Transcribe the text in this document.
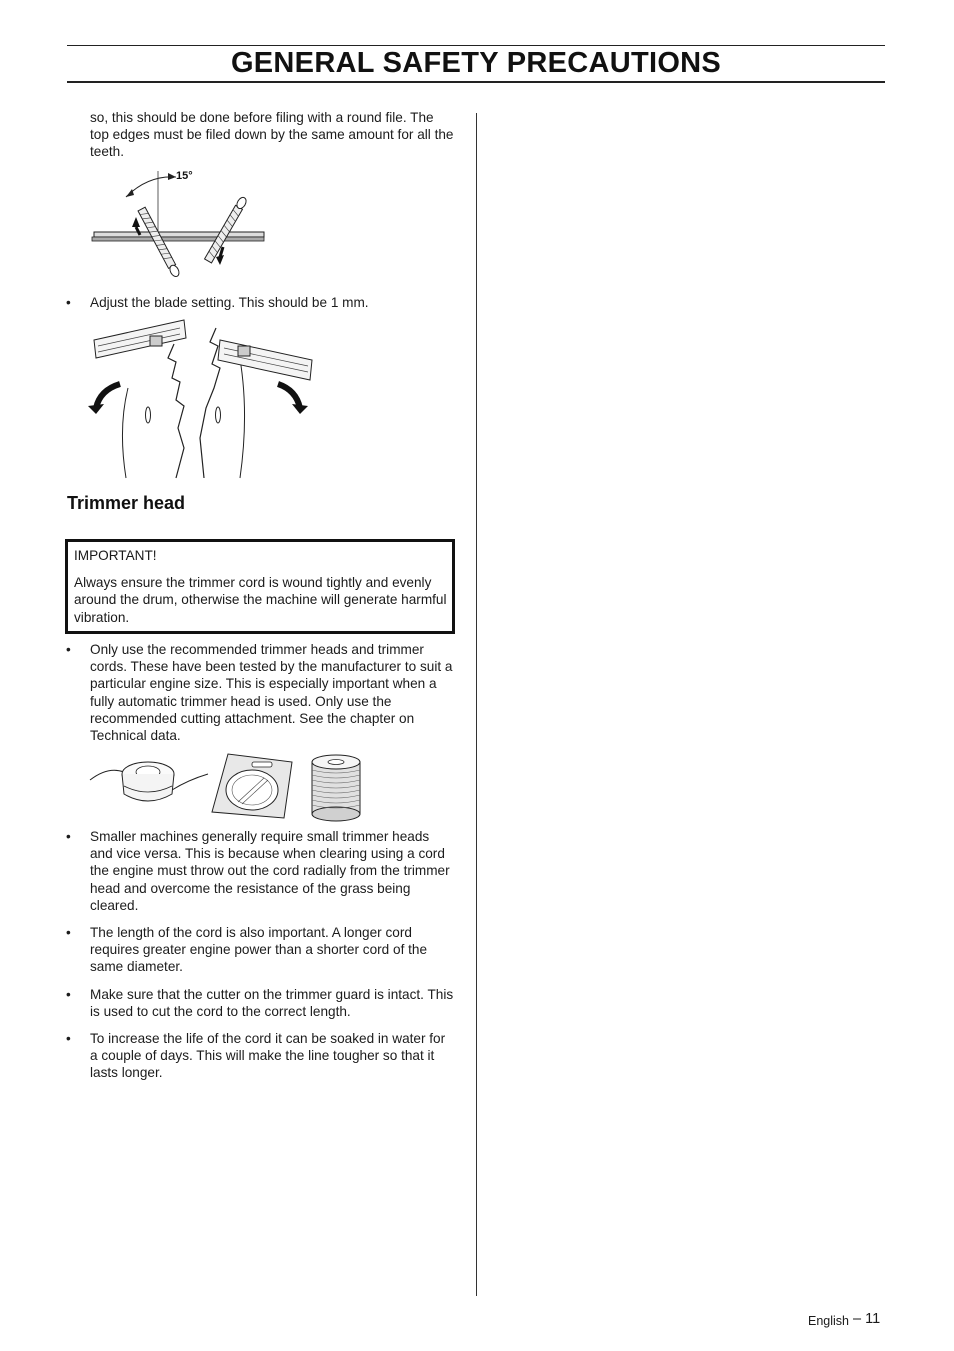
GENERAL SAFETY PRECAUTIONS
so, this should be done before filing with a round file. The top edges must be filed down by the same amount for all the teeth.
15°
• Adjust the blade setting. This should be 1 mm.
Trimmer head
IMPORTANT!
Always ensure the trimmer cord is wound tightly and evenly around the drum, otherwise the machine will generate harmful vibration.
• Only use the recommended trimmer heads and trimmer cords. These have been tested by the manufacturer to suit a particular engine size. This is especially important when a fully automatic trimmer head is used. Only use the recommended cutting attachment. See the chapter on Technical data.
• Smaller machines generally require small trimmer heads and vice versa. This is because when clearing using a cord the engine must throw out the cord radially from the trimmer head and overcome the resistance of the grass being cleared.
• The length of the cord is also important. A longer cord requires greater engine power than a shorter cord of the same diameter.
• Make sure that the cutter on the trimmer guard is intact. This is used to cut the cord to the correct length.
• To increase the life of the cord it can be soaked in water for a couple of days. This will make the line tougher so that it lasts longer.
English – 11
